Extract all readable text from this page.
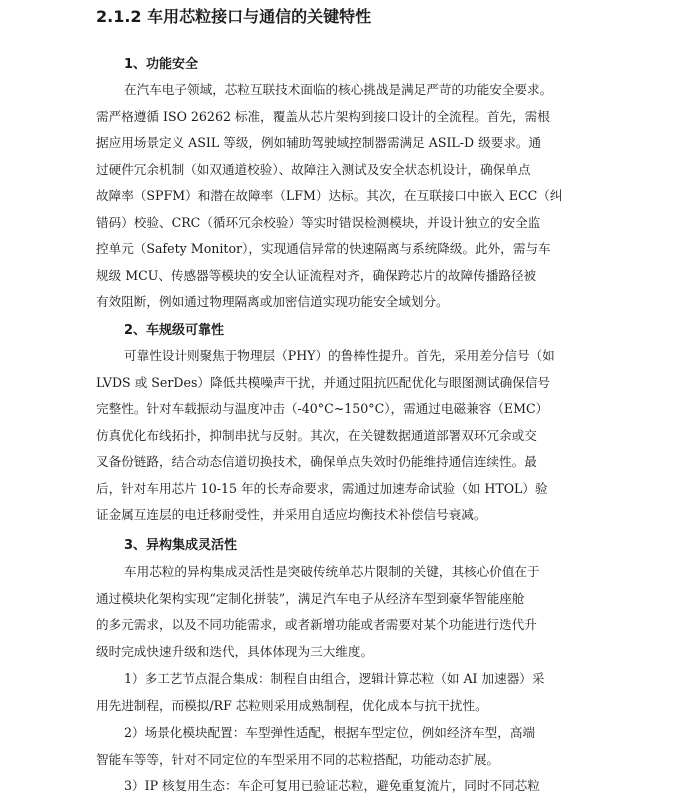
2.1.2 车用芯粒接口与通信的关键特性
1、功能安全
在汽车电子领域，芯粒互联技术面临的核心挑战是满足严苛的功能安全要求。
需严格遵循 ISO 26262 标准，覆盖从芯片架构到接口设计的全流程。首先，需根
据应用场景定义 ASIL 等级，例如辅助驾驶域控制器需满足 ASIL-D 级要求。通
过硬件冗余机制（如双通道校验）、故障注入测试及安全状态机设计，确保单点
故障率（SPFM）和潜在故障率（LFM）达标。其次，在互联接口中嵌入 ECC（纠
错码）校验、CRC（循环冗余校验）等实时错误检测模块，并设计独立的安全监
控单元（Safety Monitor），实现通信异常的快速隔离与系统降级。此外，需与车
规级 MCU、传感器等模块的安全认证流程对齐，确保跨芯片的故障传播路径被
有效阻断，例如通过物理隔离或加密信道实现功能安全域划分。
2、车规级可靠性
可靠性设计则聚焦于物理层（PHY）的鲁棒性提升。首先，采用差分信号（如
LVDS 或 SerDes）降低共模噪声干扰，并通过阻抗匹配优化与眼图测试确保信号
完整性。针对车载振动与温度冲击（-40°C~150°C），需通过电磁兼容（EMC）
仿真优化布线拓扑，抑制串扰与反射。其次，在关键数据通道部署双环冗余或交
叉备份链路，结合动态信道切换技术，确保单点失效时仍能维持通信连续性。最
后，针对车用芯片 10-15 年的长寿命要求，需通过加速寿命试验（如 HTOL）验
证金属互连层的电迁移耐受性，并采用自适应均衡技术补偿信号衰减。
3、异构集成灵活性
车用芯粒的异构集成灵活性是突破传统单芯片限制的关键，其核心价值在于
通过模块化架构实现“定制化拼装”，满足汽车电子从经济车型到豪华智能座舱
的多元需求，以及不同功能需求，或者新增功能或者需要对某个功能进行迭代升
级时完成快速升级和迭代，具体体现为三大维度。
1）多工艺节点混合集成：制程自由组合，逻辑计算芯粒（如 AI 加速器）采
用先进制程，而模拟/RF 芯粒则采用成熟制程，优化成本与抗干扰性。
2）场景化模块配置：车型弹性适配，根据车型定位，例如经济车型，高端
智能车等等，针对不同定位的车型采用不同的芯粒搭配，功能动态扩展。
3）IP 核复用生态：车企可复用已验证芯粒，避免重复流片，同时不同芯粒
